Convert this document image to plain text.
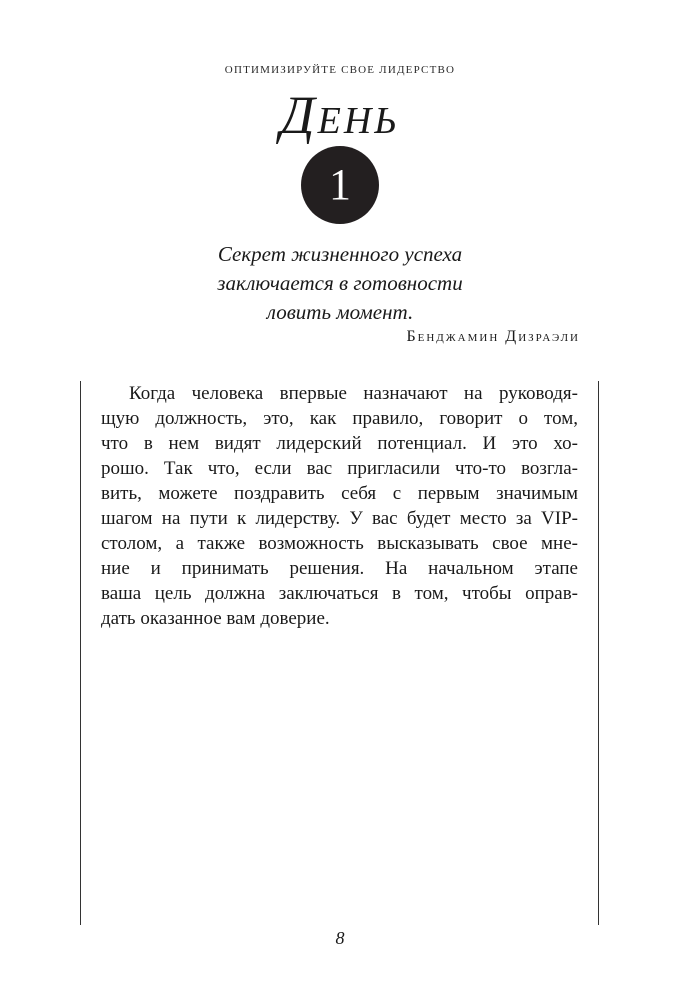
ОПТИМИЗИРУЙТЕ СВОЕ ЛИДЕРСТВО
День
1
Секрет жизненного успеха
заключается в готовности
ловить момент.
Бенджамин Дизраэли
Когда человека впервые назначают на руководя-
щую должность, это, как правило, говорит о том,
что в нем видят лидерский потенциал. И это хо-
рошо. Так что, если вас пригласили что-то возгла-
вить, можете поздравить себя с первым значимым
шагом на пути к лидерству. У вас будет место за VIP-
столом, а также возможность высказывать свое мне-
ние и принимать решения. На начальном этапе
ваша цель должна заключаться в том, чтобы оправ-
дать оказанное вам доверие.
8
